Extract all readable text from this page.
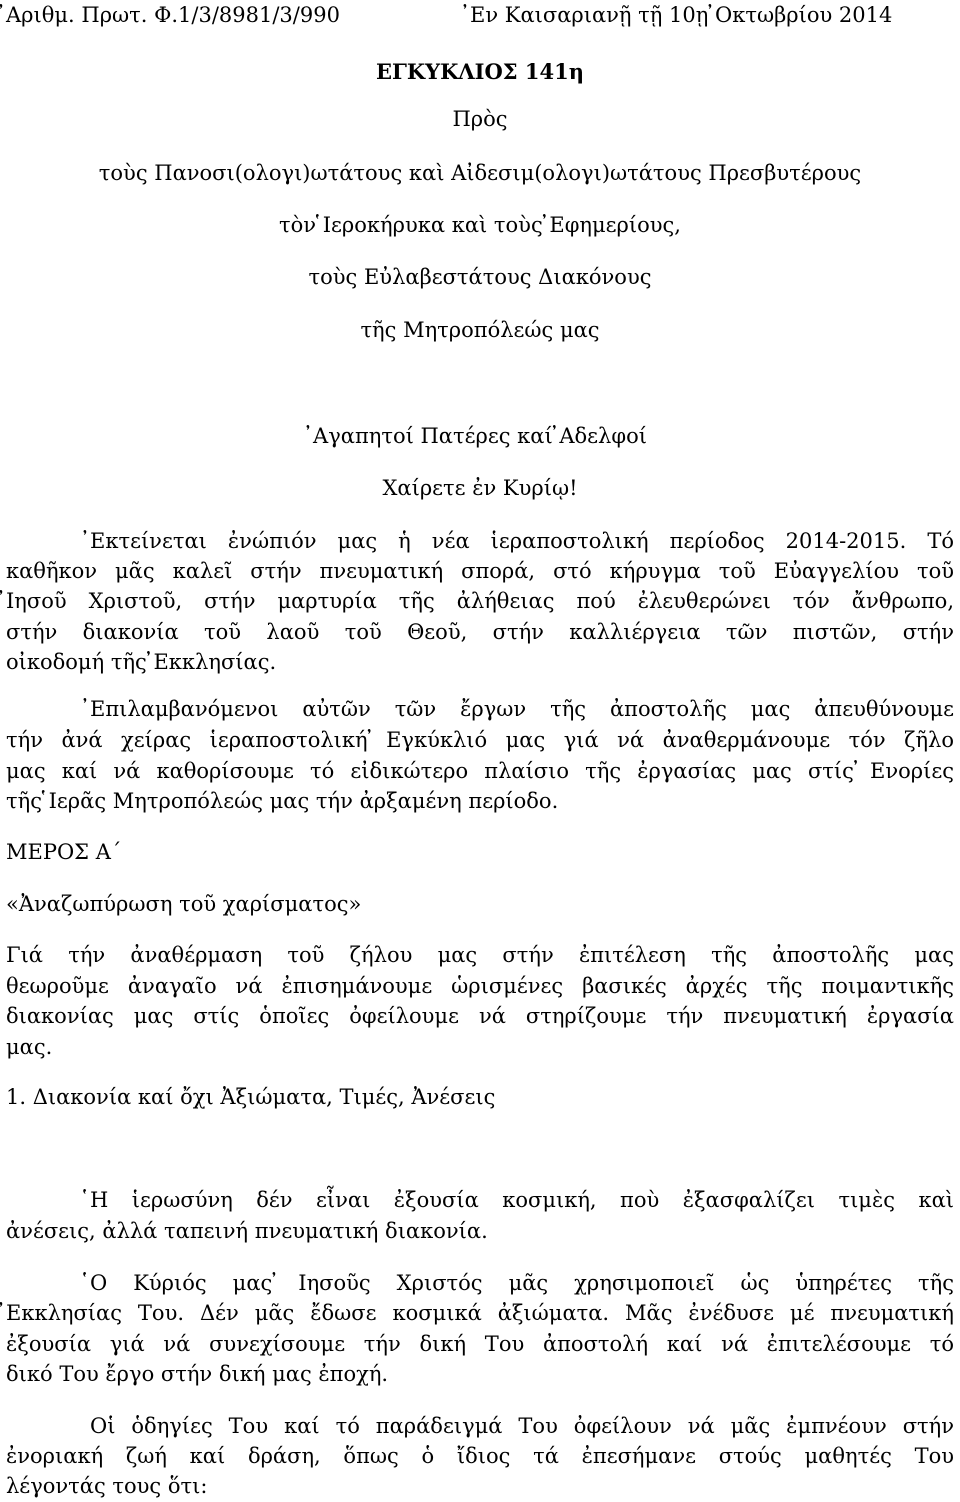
̓Αριθμ. Πρωτ. Φ.1/3/8981/3/990	̓Εν Καισαριανῇ τῇ 10ῃ ̓Οκτωβρίου 2014
ΕΓΚΥΚΛΙΟΣ 141η
Πρὸς
τοὺς Πανοσι(ολογι)ωτάτους καὶ Αἰδεσιμ(ολογι)ωτάτους Πρεσβυτέρους
τὸν ̔Ιεροκήρυκα καὶ τοὺς ̓Εφημερίους,
τοὺς Εὐλαβεστάτους Διακόνους
τῆς Μητροπόλεώς μας
̓Αγαπητοί Πατέρες καί ̓Αδελφοί
Χαίρετε ἐν Κυρίῳ!
̓Εκτείνεται ἐνώπιόν μας ἡ νέα ἱεραποστολική περίοδος 2014-2015. Τό
καθῆκον μᾶς καλεῖ στήν πνευματική σπορά, στό κήρυγμα τοῦ Εὐαγγελίου τοῦ
̓Ιησοῦ Χριστοῦ, στήν μαρτυρία τῆς ἀλήθειας πού ἐλευθερώνει τόν ἄνθρωπο,
στήν διακονία τοῦ λαοῦ τοῦ Θεοῦ, στήν καλλιέργεια τῶν πιστῶν, στήν
οἰκοδομή τῆς ̓Εκκλησίας.
̓Επιλαμβανόμενοι αὐτῶν τῶν ἔργων τῆς ἀποστολῆς μας ἀπευθύνουμε
τήν ἀνά χείρας ἱεραποστολική ̓Εγκύκλιό μας γιά νά ἀναθερμάνουμε τόν ζῆλο
μας καί νά καθορίσουμε τό εἰδικώτερο πλαίσιο τῆς ἐργασίας μας στίς ̓Ενορίες
τῆς ̔Ιερᾶς Μητροπόλεώς μας τήν ἀρξαμένη περίοδο.
ΜΕΡΟΣ Α΄
«Ἀναζωπύρωση τοῦ χαρίσματος»
Γιά τήν ἀναθέρμαση τοῦ ζήλου μας στήν ἐπιτέλεση τῆς ἀποστολῆς μας
θεωροῦμε ἀναγαῖο νά ἐπισημάνουμε ὡρισμένες βασικές ἀρχές τῆς ποιμαντικῆς
διακονίας μας στίς ὁποῖες ὀφείλουμε νά στηρίζουμε τήν πνευματική ἐργασία
μας.
1. Διακονία καί ὄχι Ἀξιώματα, Τιμές, Ἀνέσεις
̔Η ἱερωσύνη δέν εἶναι ἐξουσία κοσμική, ποὺ ἐξασφαλίζει τιμὲς καὶ
ἀνέσεις, ἀλλά ταπεινή πνευματική διακονία.
̔Ο Κύριός μας ̓Ιησοῦς Χριστός μᾶς χρησιμοποιεῖ ὡς ὑπηρέτες τῆς
̓Εκκλησίας Του. Δέν μᾶς ἔδωσε κοσμικά ἀξιώματα. Μᾶς ἐνέδυσε μέ πνευματική
ἐξουσία γιά νά συνεχίσουμε τήν δική Του ἀποστολή καί νά ἐπιτελέσουμε τό
δικό Του ἔργο στήν δική μας ἐποχή.
Οἱ ὁδηγίες Του καί τό παράδειγμά Του ὀφείλουν νά μᾶς ἐμπνέουν στήν
ἐνοριακή ζωή καί δράση, ὅπως ὁ ἴδιος τά ἐπεσήμανε στούς μαθητές Του
λέγοντάς τους ὅτι:
